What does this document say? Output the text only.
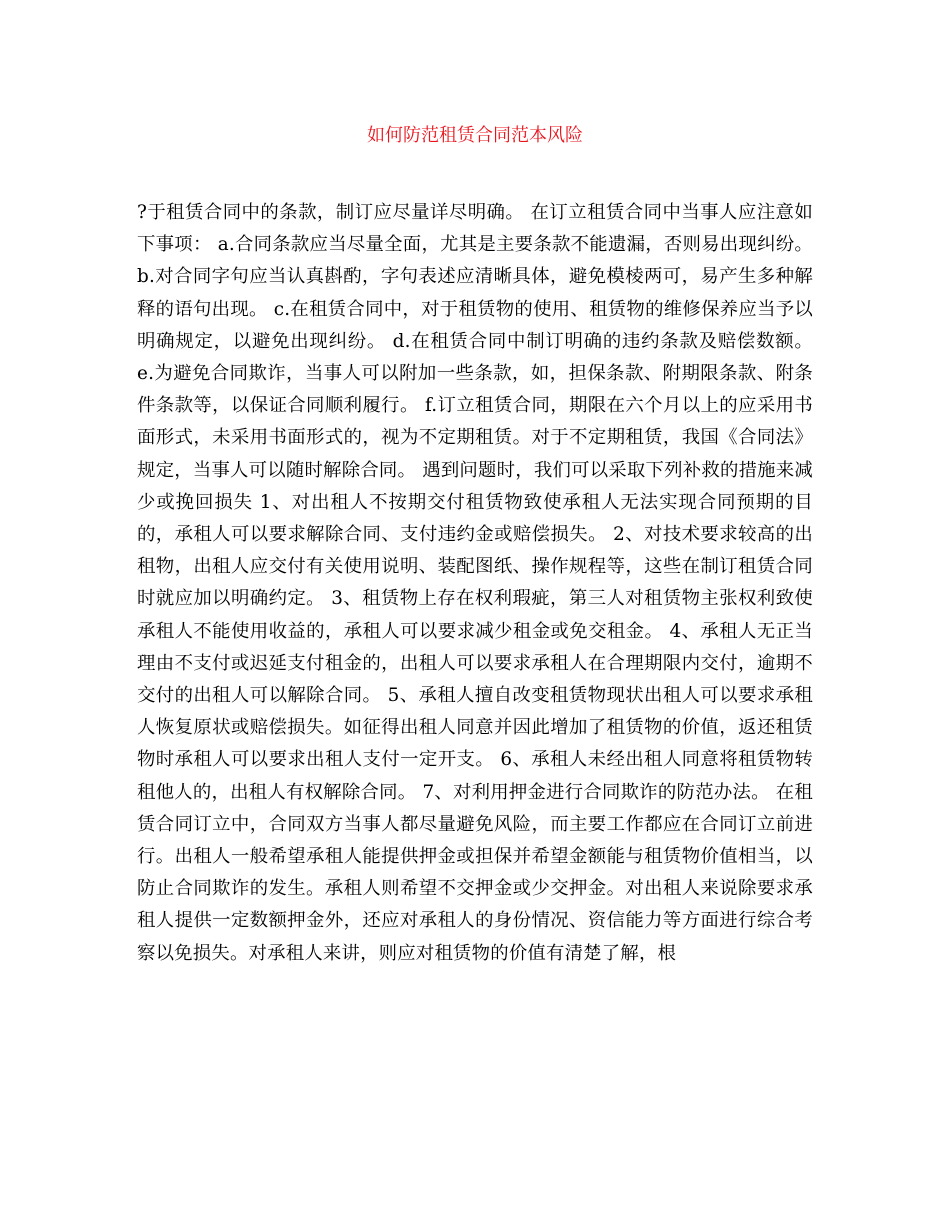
如何防范租赁合同范本风险

?于租赁合同中的条款，制订应尽量详尽明确。 在订立租赁合同中当事人应注意如下事项： a.合同条款应当尽量全面，尤其是主要条款不能遗漏，否则易出现纠纷。 b.对合同字句应当认真斟酌，字句表述应清晰具体，避免模棱两可，易产生多种解释的语句出现。 c.在租赁合同中，对于租赁物的使用、租赁物的维修保养应当予以明确规定，以避免出现纠纷。 d.在租赁合同中制订明确的违约条款及赔偿数额。 e.为避免合同欺诈，当事人可以附加一些条款，如，担保条款、附期限条款、附条件条款等，以保证合同顺利履行。 f.订立租赁合同，期限在六个月以上的应采用书面形式，未采用书面形式的，视为不定期租赁。对于不定期租赁，我国《合同法》规定，当事人可以随时解除合同。 遇到问题时，我们可以采取下列补救的措施来减少或挽回损失 1、对出租人不按期交付租赁物致使承租人无法实现合同预期的目的，承租人可以要求解除合同、支付违约金或赔偿损失。 2、对技术要求较高的出租物，出租人应交付有关使用说明、装配图纸、操作规程等，这些在制订租赁合同时就应加以明确约定。 3、租赁物上存在权利瑕疵，第三人对租赁物主张权利致使承租人不能使用收益的，承租人可以要求减少租金或免交租金。 4、承租人无正当理由不支付或迟延支付租金的，出租人可以要求承租人在合理期限内交付，逾期不交付的出租人可以解除合同。 5、承租人擅自改变租赁物现状出租人可以要求承租人恢复原状或赔偿损失。如征得出租人同意并因此增加了租赁物的价值，返还租赁物时承租人可以要求出租人支付一定开支。 6、承租人未经出租人同意将租赁物转租他人的，出租人有权解除合同。 7、对利用押金进行合同欺诈的防范办法。 在租赁合同订立中，合同双方当事人都尽量避免风险，而主要工作都应在合同订立前进行。出租人一般希望承租人能提供押金或担保并希望金额能与租赁物价值相当，以防止合同欺诈的发生。承租人则希望不交押金或少交押金。对出租人来说除要求承租人提供一定数额押金外，还应对承租人的身份情况、资信能力等方面进行综合考察以免损失。对承租人来讲，则应对租赁物的价值有清楚了解，根
